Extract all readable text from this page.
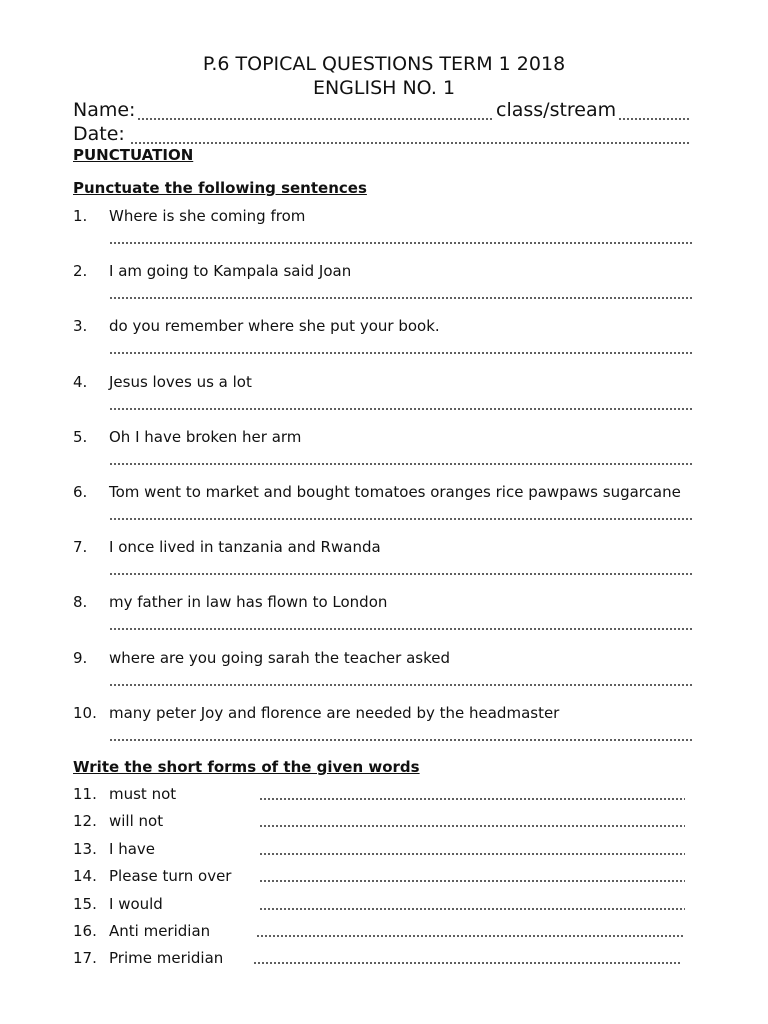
P.6 TOPICAL QUESTIONS TERM 1 2018
ENGLISH NO. 1
Name:	class/stream
Date:
PUNCTUATION
Punctuate the following sentences
1. Where is she coming from
2. I am going to Kampala said Joan
3. do you remember where she put your book.
4. Jesus loves us a lot
5. Oh I have broken her arm
6. Tom went to market and bought tomatoes oranges rice pawpaws sugarcane
7. I once lived in tanzania and Rwanda
8. my father in law has flown to London
9. where are you going sarah the teacher asked
10. many peter Joy and florence are needed by the headmaster
Write the short forms of the given words
11. must not
12. will not
13. I have
14. Please turn over
15. I would
16. Anti meridian
17. Prime meridian
